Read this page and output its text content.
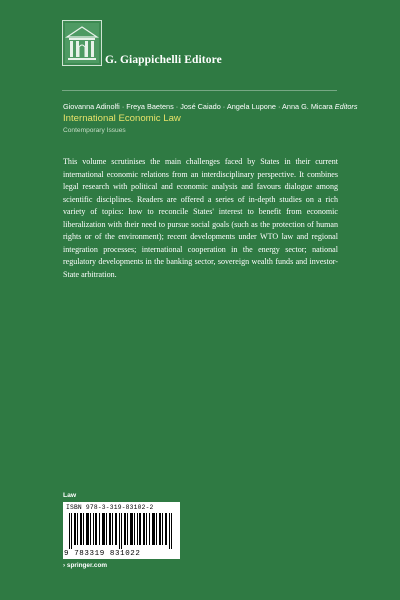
G. Giappichelli Editore
Giovanna Adinolfi · Freya Baetens · José Caiado · Angela Lupone · Anna G. Micara Editors
International Economic Law
Contemporary Issues

This volume scrutinises the main challenges faced by States in their current international economic relations from an interdisciplinary perspective. It combines legal research with political and economic analysis and favours dialogue among scientific disciplines. Readers are offered a series of in-depth studies on a rich variety of topics: how to reconcile States' interest to benefit from economic liberalization with their need to pursue social goals (such as the protection of human rights or of the environment); recent developments under WTO law and regional integration processes; international cooperation in the energy sector; national regulatory developments in the banking sector, sovereign wealth funds and investor-State arbitration.

Law
ISBN 978-3-319-83102-2
9 783319 831022
› springer.com
